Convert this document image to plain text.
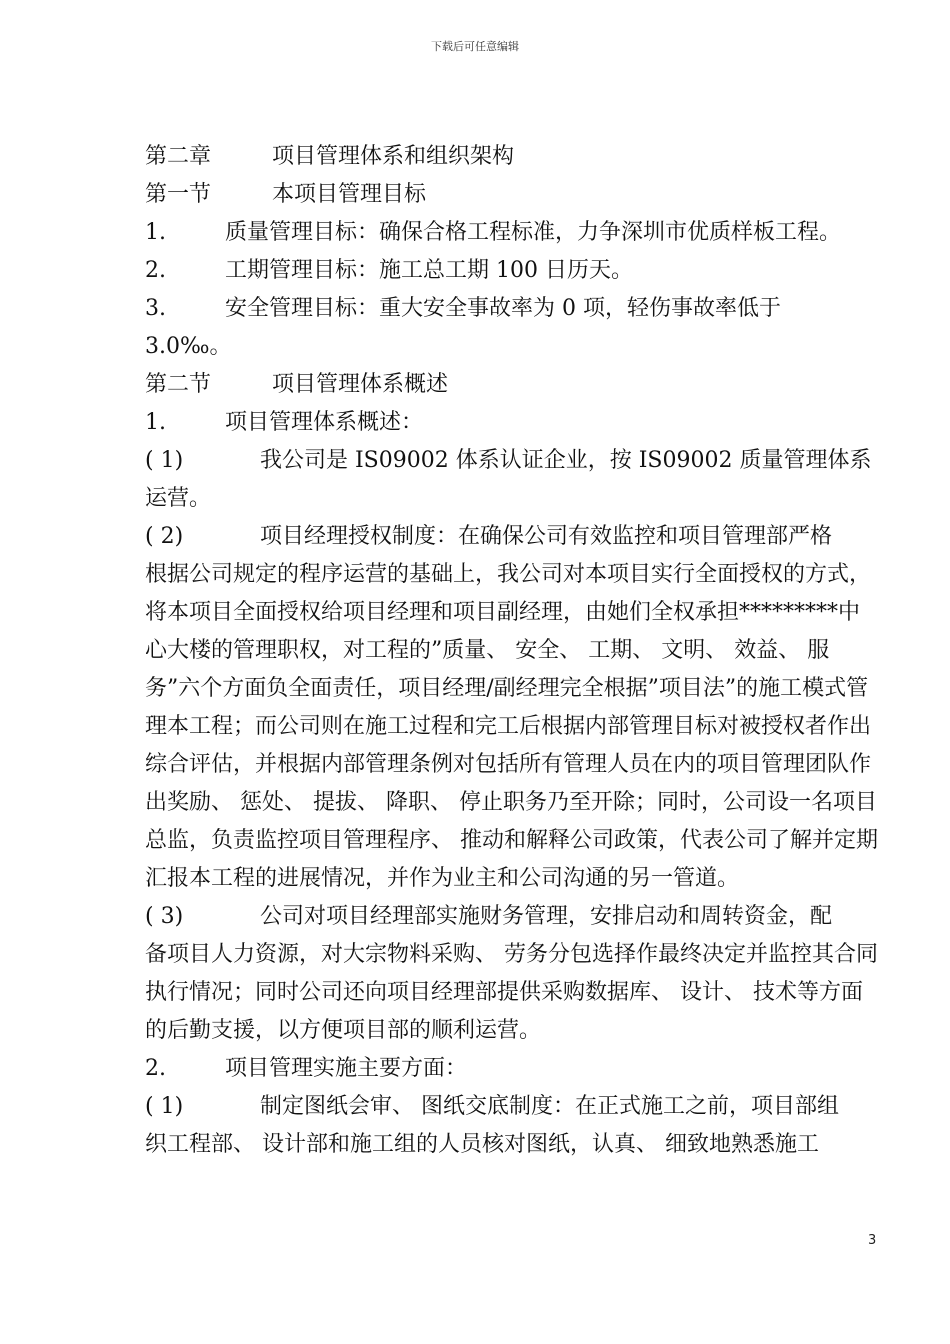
下载后可任意编辑
第二章	项目管理体系和组织架构
第一节	本项目管理目标
1.	质量管理目标：确保合格工程标准，力争深圳市优质样板工程。
2.	工期管理目标：施工总工期 100 日历天。
3.	安全管理目标：重大安全事故率为 0 项，轻伤事故率低于
3.0‰。
第二节	项目管理体系概述
1.	项目管理体系概述：
( 1)	我公司是 IS09002 体系认证企业，按 IS09002 质量管理体系
运营。
( 2)	项目经理授权制度：在确保公司有效监控和项目管理部严格
根据公司规定的程序运营的基础上，我公司对本项目实行全面授权的方式，将本项目全面授权给项目经理和项目副经理，由她们全权承担*********中心大楼的管理职权，对工程的”质量、 安全、 工期、 文明、 效益、 服务”六个方面负全面责任，项目经理/副经理完全根据”项目法”的施工模式管理本工程；而公司则在施工过程和完工后根据内部管理目标对被授权者作出综合评估，并根据内部管理条例对包括所有管理人员在内的项目管理团队作出奖励、 惩处、 提拔、 降职、 停止职务乃至开除；同时，公司设一名项目总监，负责监控项目管理程序、 推动和解释公司政策，代表公司了解并定期汇报本工程的进展情况，并作为业主和公司沟通的另一管道。
( 3)	公司对项目经理部实施财务管理，安排启动和周转资金，配
备项目人力资源，对大宗物料采购、 劳务分包选择作最终决定并监控其合同执行情况；同时公司还向项目经理部提供采购数据库、 设计、 技术等方面的后勤支援，以方便项目部的顺利运营。
2.	项目管理实施主要方面：
( 1)	制定图纸会审、 图纸交底制度：在正式施工之前，项目部组
织工程部、 设计部和施工组的人员核对图纸，认真、 细致地熟悉施工
3
